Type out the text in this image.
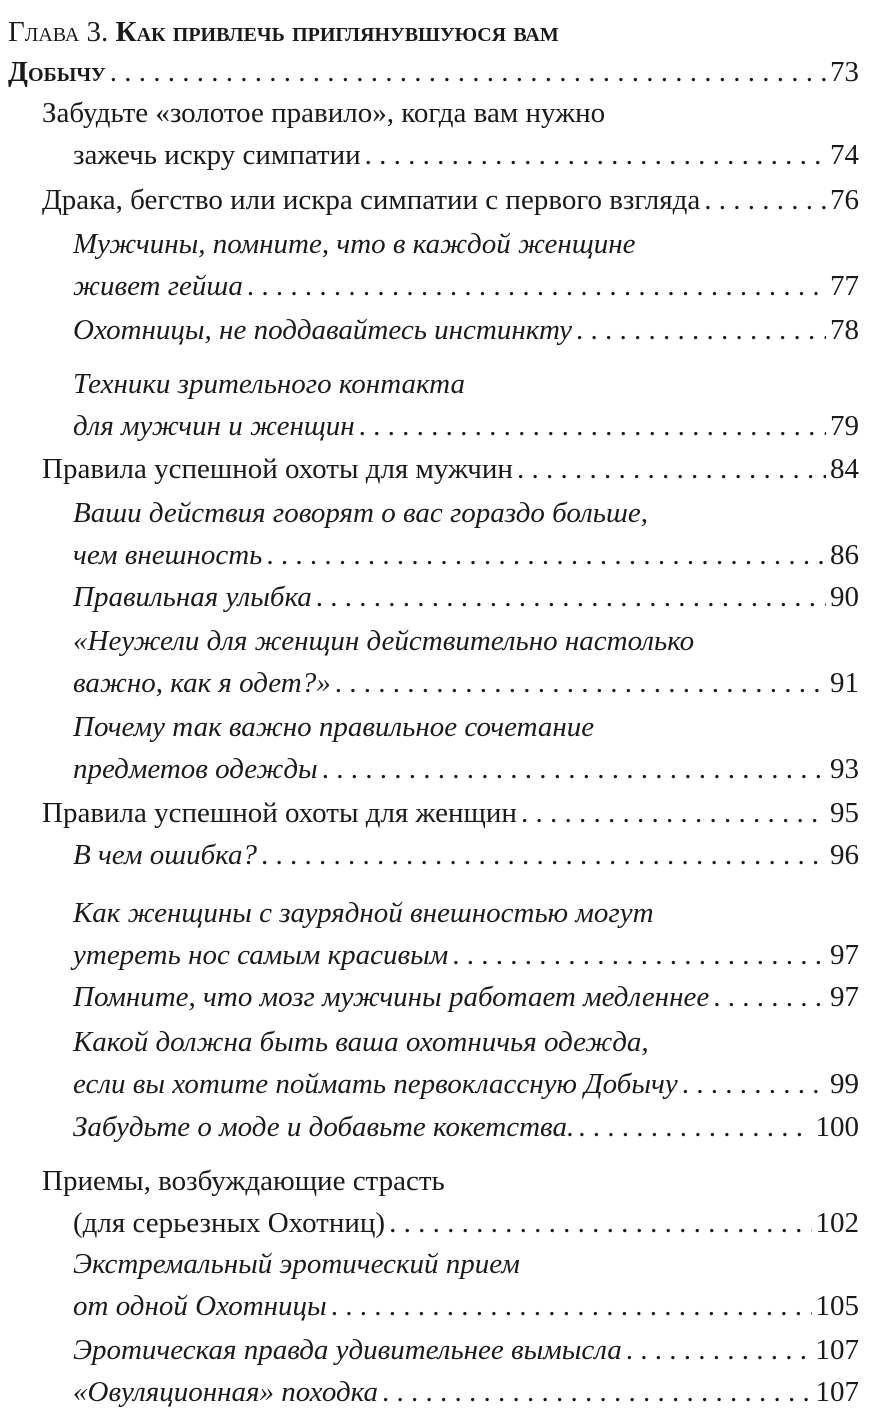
Глава 3. Как привлечь приглянувшуюся вам
Добычу . . .	73
Забудьте «золотое правило», когда вам нужно
зажечь искру симпатии . . .	74
Драка, бегство или искра симпатии с первого взгляда . . .	76
Мужчины, помните, что в каждой женщине
живет гейша . . .	77
Охотницы, не поддавайтесь инстинкту . . .	78
Техники зрительного контакта
для мужчин и женщин . . .	79
Правила успешной охоты для мужчин . . .	84
Ваши действия говорят о вас гораздо больше,
чем внешность . . .	86
Правильная улыбка . . .	90
«Неужели для женщин действительно настолько
важно, как я одет?» . . .	91
Почему так важно правильное сочетание
предметов одежды . . .	93
Правила успешной охоты для женщин . . .	95
В чем ошибка? . . .	96
Как женщины с заурядной внешностью могут
утереть нос самым красивым . . .	97
Помните, что мозг мужчины работает медленнее . . .	97
Какой должна быть ваша охотничья одежда,
если вы хотите поймать первоклассную Добычу . . .	99
Забудьте о моде и добавьте кокетства. . . .	100
Приемы, возбуждающие страсть
(для серьезных Охотниц) . . .	102
Экстремальный эротический прием
от одной Охотницы . . .	105
Эротическая правда удивительнее вымысла . . .	107
«Овуляционная» походка . . .	107
